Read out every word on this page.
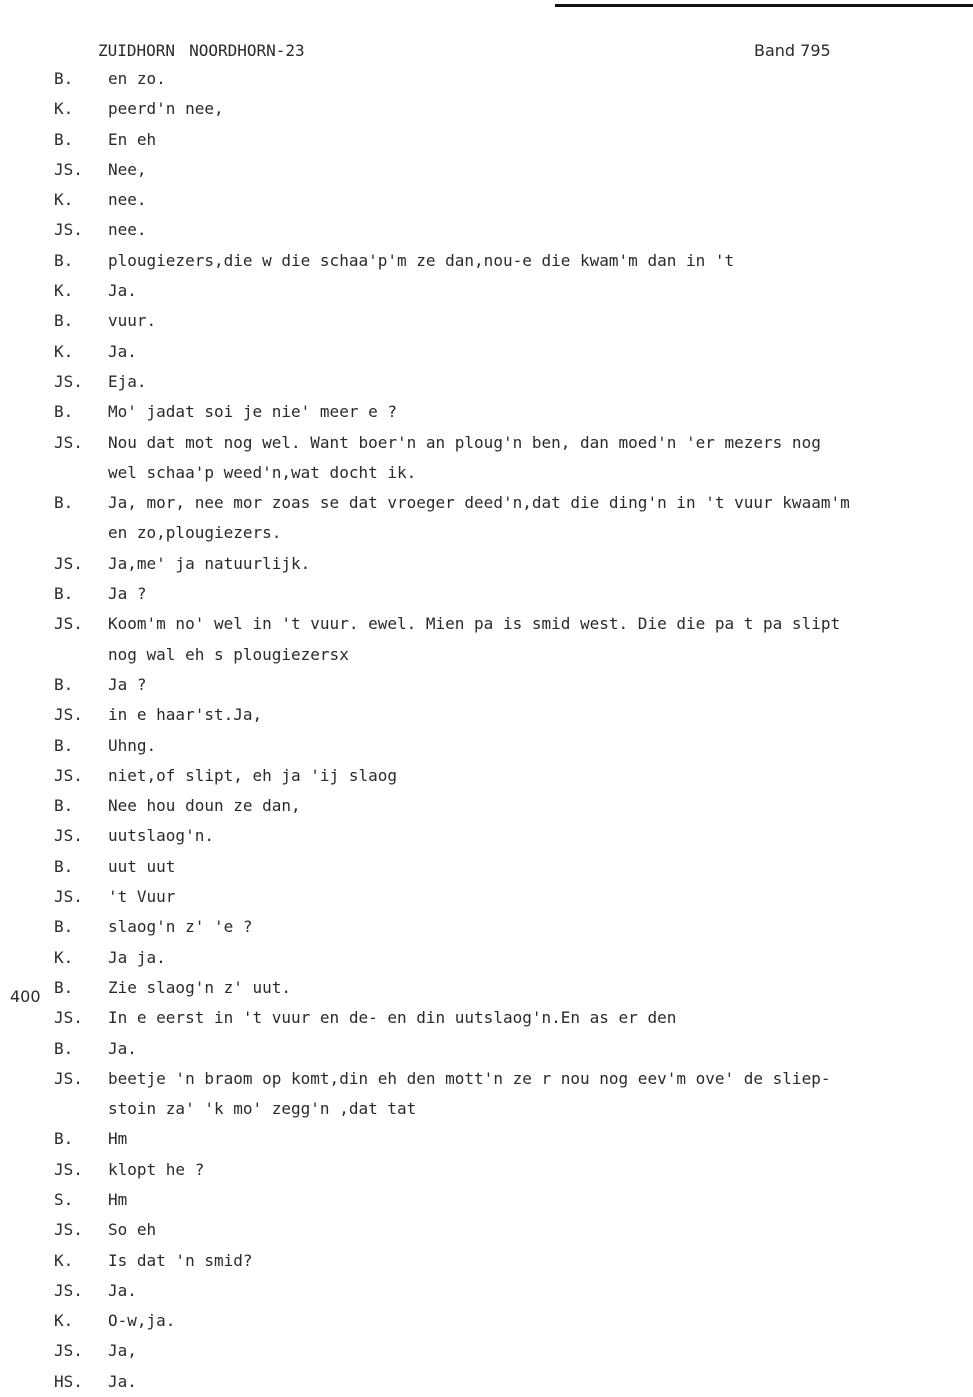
ZUIDHORN NOORDHORN-23	Band 795
400
B.	en zo.
K.	peerd'n nee,
B.	En eh
JS.	Nee,
K.	nee.
JS.	nee.
B.	plougiezers,die w die schaa'p'm ze dan,nou-e die kwam'm dan in 't
K.	Ja.
B.	vuur.
K.	Ja.
JS.	Eja.
B.	Mo' jadat soi je nie' meer e ?
JS.	Nou dat mot nog wel. Want boer'n an ploug'n ben, dan moed'n 'er mezers nog
wel schaa'p weed'n,wat docht ik.
B.	Ja, mor, nee mor zoas se dat vroeger deed'n,dat die ding'n in 't vuur kwaam'm
en zo,plougiezers.
JS.	Ja,me' ja natuurlijk.
B.	Ja ?
JS.	Koom'm no' wel in 't vuur. ewel. Mien pa is smid west. Die die pa t pa slipt
nog wal eh s plougiezersx
B.	Ja ?
JS.	in e haar'st.Ja,
B.	Uhng.
JS.	niet,of slipt, eh ja 'ij slaog
B.	Nee hou doun ze dan,
JS.	uutslaog'n.
B.	uut uut
JS.	't Vuur
B.	slaog'n z' 'e ?
K.	Ja ja.
B.	Zie slaog'n z' uut.
JS.	In e eerst in 't vuur en de- en din uutslaog'n.En as er den
B.	Ja.
JS.	beetje 'n braom op komt,din eh den mott'n ze r nou nog eev'm ove' de sliep-
stoin za' 'k mo' zegg'n ,dat tat
B.	Hm
JS.	klopt he ?
S.	Hm
JS.	So eh
K.	Is dat 'n smid?
JS.	Ja.
K.	O-w,ja.
JS.	Ja,
HS.	Ja.
